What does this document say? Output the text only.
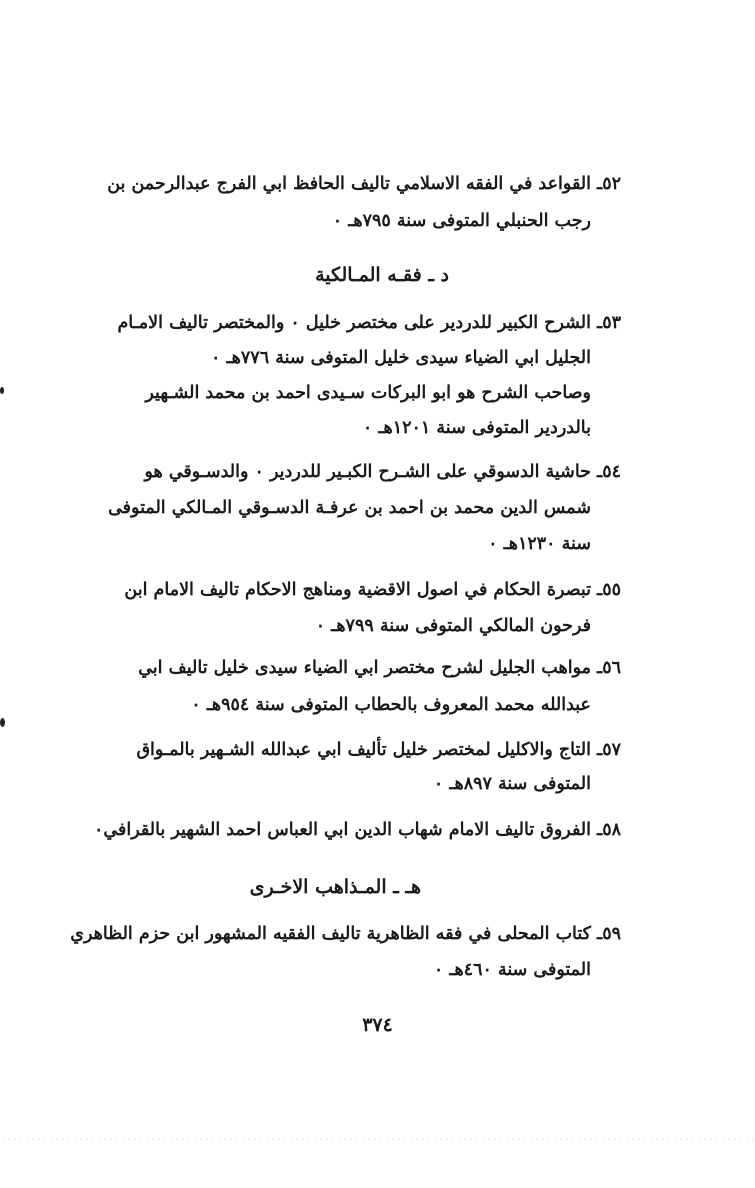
٥٢ـالقواعد في الفقه الاسلامي تاليف الحافظ ابي الفرج عبدالرحمن بن
رجب الحنبلي المتوفى سنة ٧٩٥هـ ٠
د ـ فقـه المـالكية
٥٣ـالشرح الكبير للدردير على مختصر خليل ٠ والمختصر تاليف الامـام
الجليل ابي الضياء سيدى خليل المتوفى سنة ٧٧٦هـ ٠
وصاحب الشرح هو ابو البركات سـيدى احمد بن محمد الشـهير
بالدردير المتوفى سنة ١٢٠١هـ ٠
٥٤ـحاشية الدسوقي على الشـرح الكبـير للدردير ٠ والدسـوقي هو
شمس الدين محمد بن احمد بن عرفـة الدسـوقي المـالكي المتوفى
سنة ١٢٣٠هـ ٠
٥٥ـتبصرة الحكام في اصول الاقضية ومناهج الاحكام تاليف الامام ابن
فرحون المالكي المتوفى سنة ٧٩٩هـ ٠
٥٦ـمواهب الجليل لشرح مختصر ابي الضياء سيدى خليل تاليف ابي
عبدالله محمد المعروف بالحطاب المتوفى سنة ٩٥٤هـ ٠
٥٧ـالتاج والاكليل لمختصر خليل تأليف ابي عبدالله الشـهير بالمـواق
المتوفى سنة ٨٩٧هـ ٠
٥٨ـالفروق تاليف الامام شهاب الدين ابي العباس احمد الشهير بالقرافي٠
هـ ـ المـذاهب الاخـرى
٥٩ـكتاب المحلى في فقه الظاهرية تاليف الفقيه المشهور ابن حزم الظاهري
المتوفى سنة ٤٦٠هـ ٠
٣٧٤
